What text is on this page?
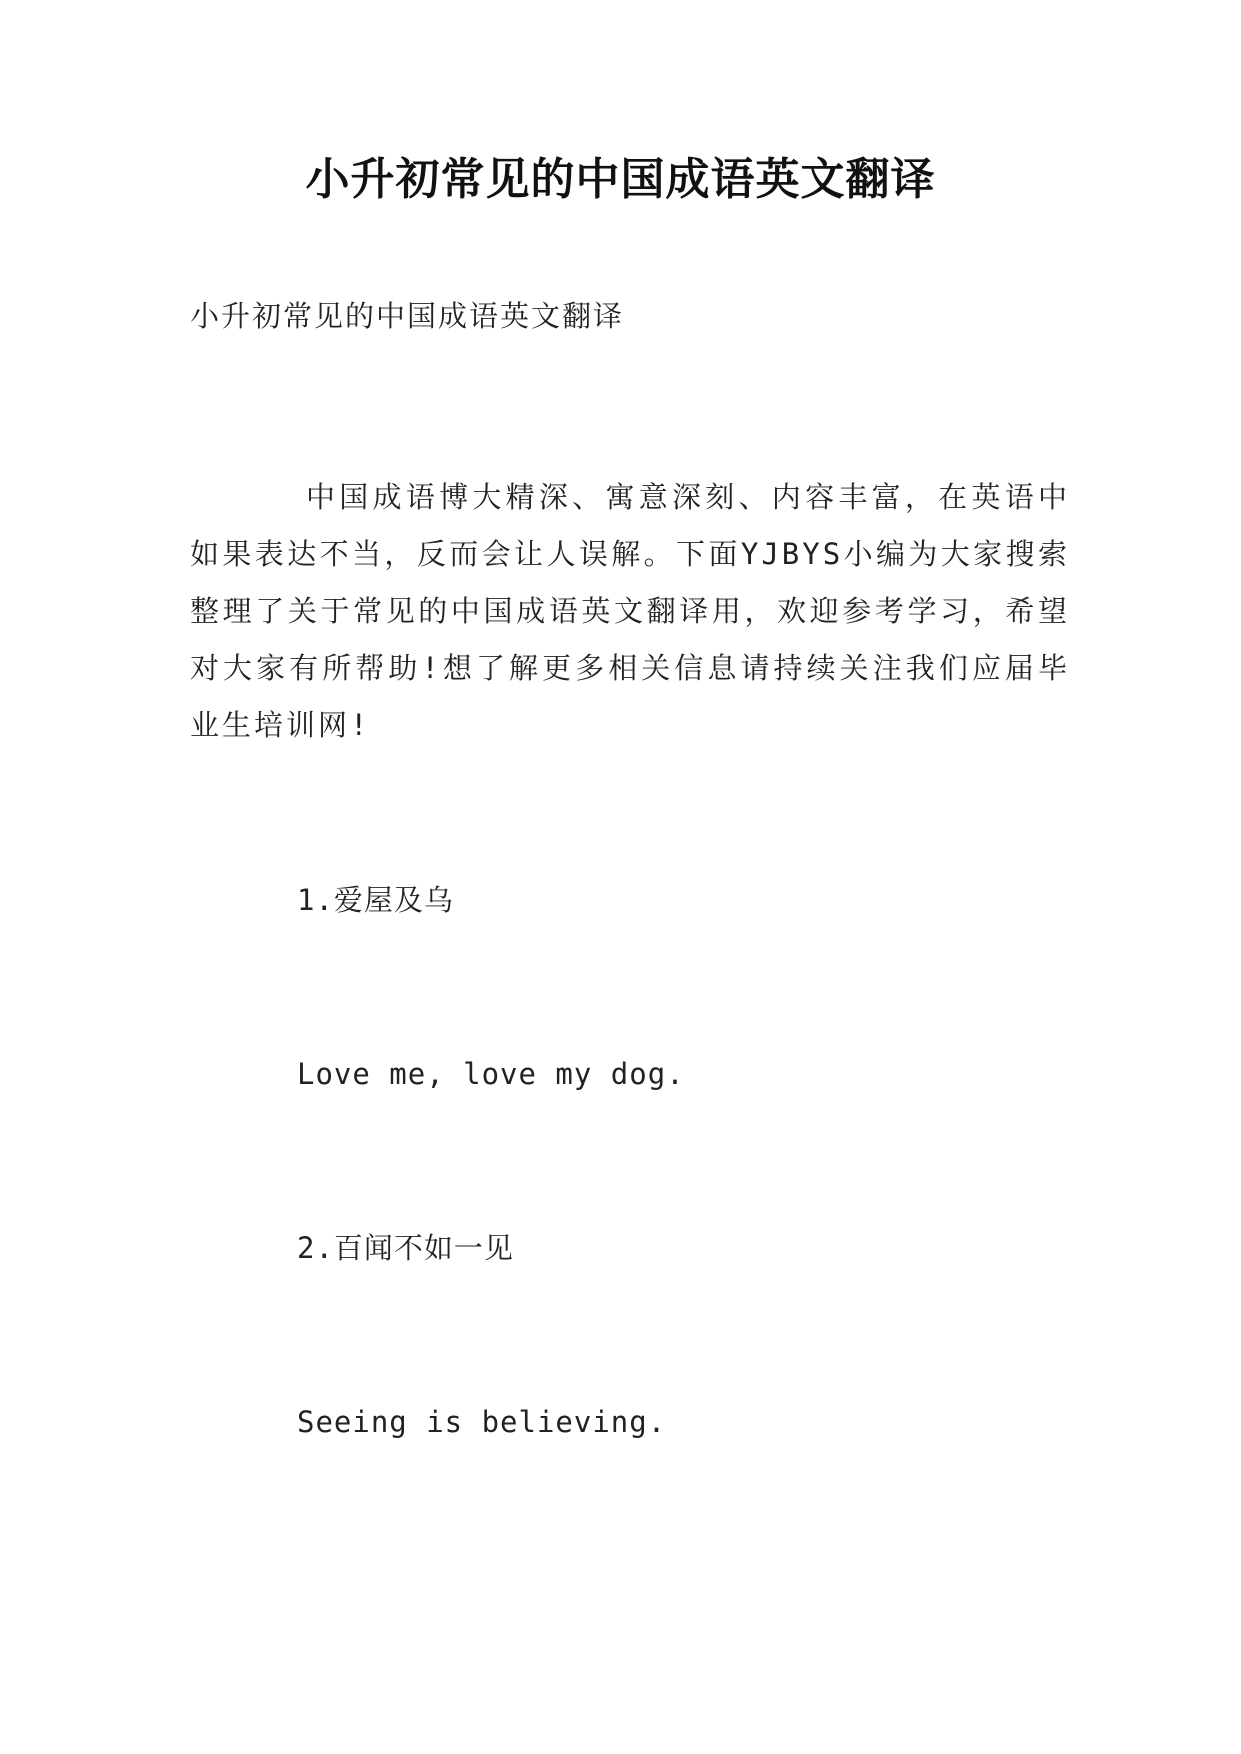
小升初常见的中国成语英文翻译
小升初常见的中国成语英文翻译
中国成语博大精深、寓意深刻、内容丰富，在英语中如果表达不当，反而会让人误解。下面YJBYS小编为大家搜索整理了关于常见的中国成语英文翻译用，欢迎参考学习，希望对大家有所帮助!想了解更多相关信息请持续关注我们应届毕业生培训网!
1.爱屋及乌
Love me, love my dog.
2.百闻不如一见
Seeing is believing.
